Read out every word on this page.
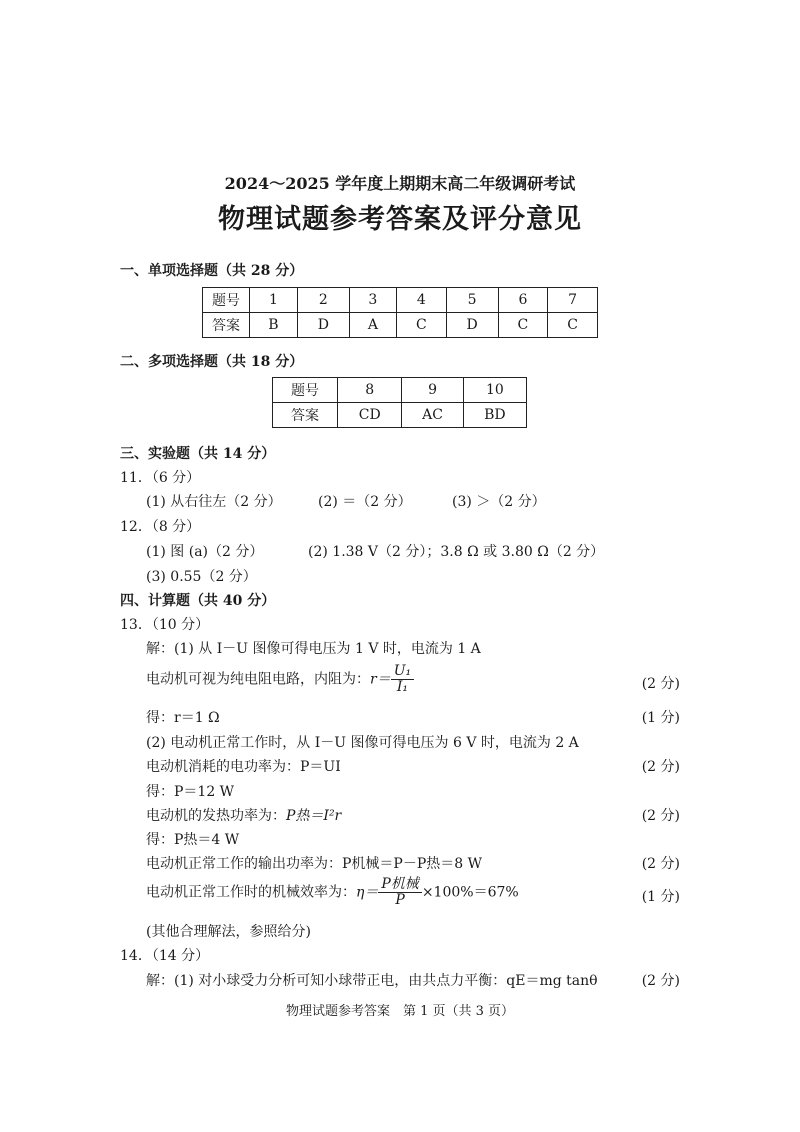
2024～2025 学年度上期期末高二年级调研考试
物理试题参考答案及评分意见
一、单项选择题（共 28 分）
题号	1	2	3	4	5	6	7
答案	B	D	A	C	D	C	C
二、多项选择题（共 18 分）
题号	8	9	10
答案	CD	AC	BD
三、实验题（共 14 分）
11．（6 分）
(1) 从右往左（2 分）	(2) ＝（2 分）	(3) ＞（2 分）
12．（8 分）
(1) 图 (a)（2 分）	(2) 1.38 V（2 分）；3.8 Ω 或 3.80 Ω（2 分）
(3) 0.55（2 分）
四、计算题（共 40 分）
13．（10 分）
解：(1) 从 I－U 图像可得电压为 1 V 时，电流为 1 A
电动机可视为纯电阻电路，内阻为：$r= \frac{\text{U₁}}{\text{I₁}}$	(2 分)
得：r＝1 Ω	(1 分)
(2) 电动机正常工作时，从 I－U 图像可得电压为 6 V 时，电流为 2 A
电动机消耗的电功率为：P＝UI	(2 分)
得：P＝12 W
电动机的发热功率为：P热＝I²r	(2 分)
得：P热＝4 W
电动机正常工作的输出功率为：P机械＝P－P热＝8 W	(2 分)
电动机正常工作时的机械效率为：$\eta= \frac{\text{P机械}}{P} \times 100\%=67\%$	(1 分)
(其他合理解法，参照给分)
14．（14 分）
解：(1) 对小球受力分析可知小球带正电，由共点力平衡：qE＝mg tanθ	(2 分)
物理试题参考答案　第 1 页（共 3 页）
